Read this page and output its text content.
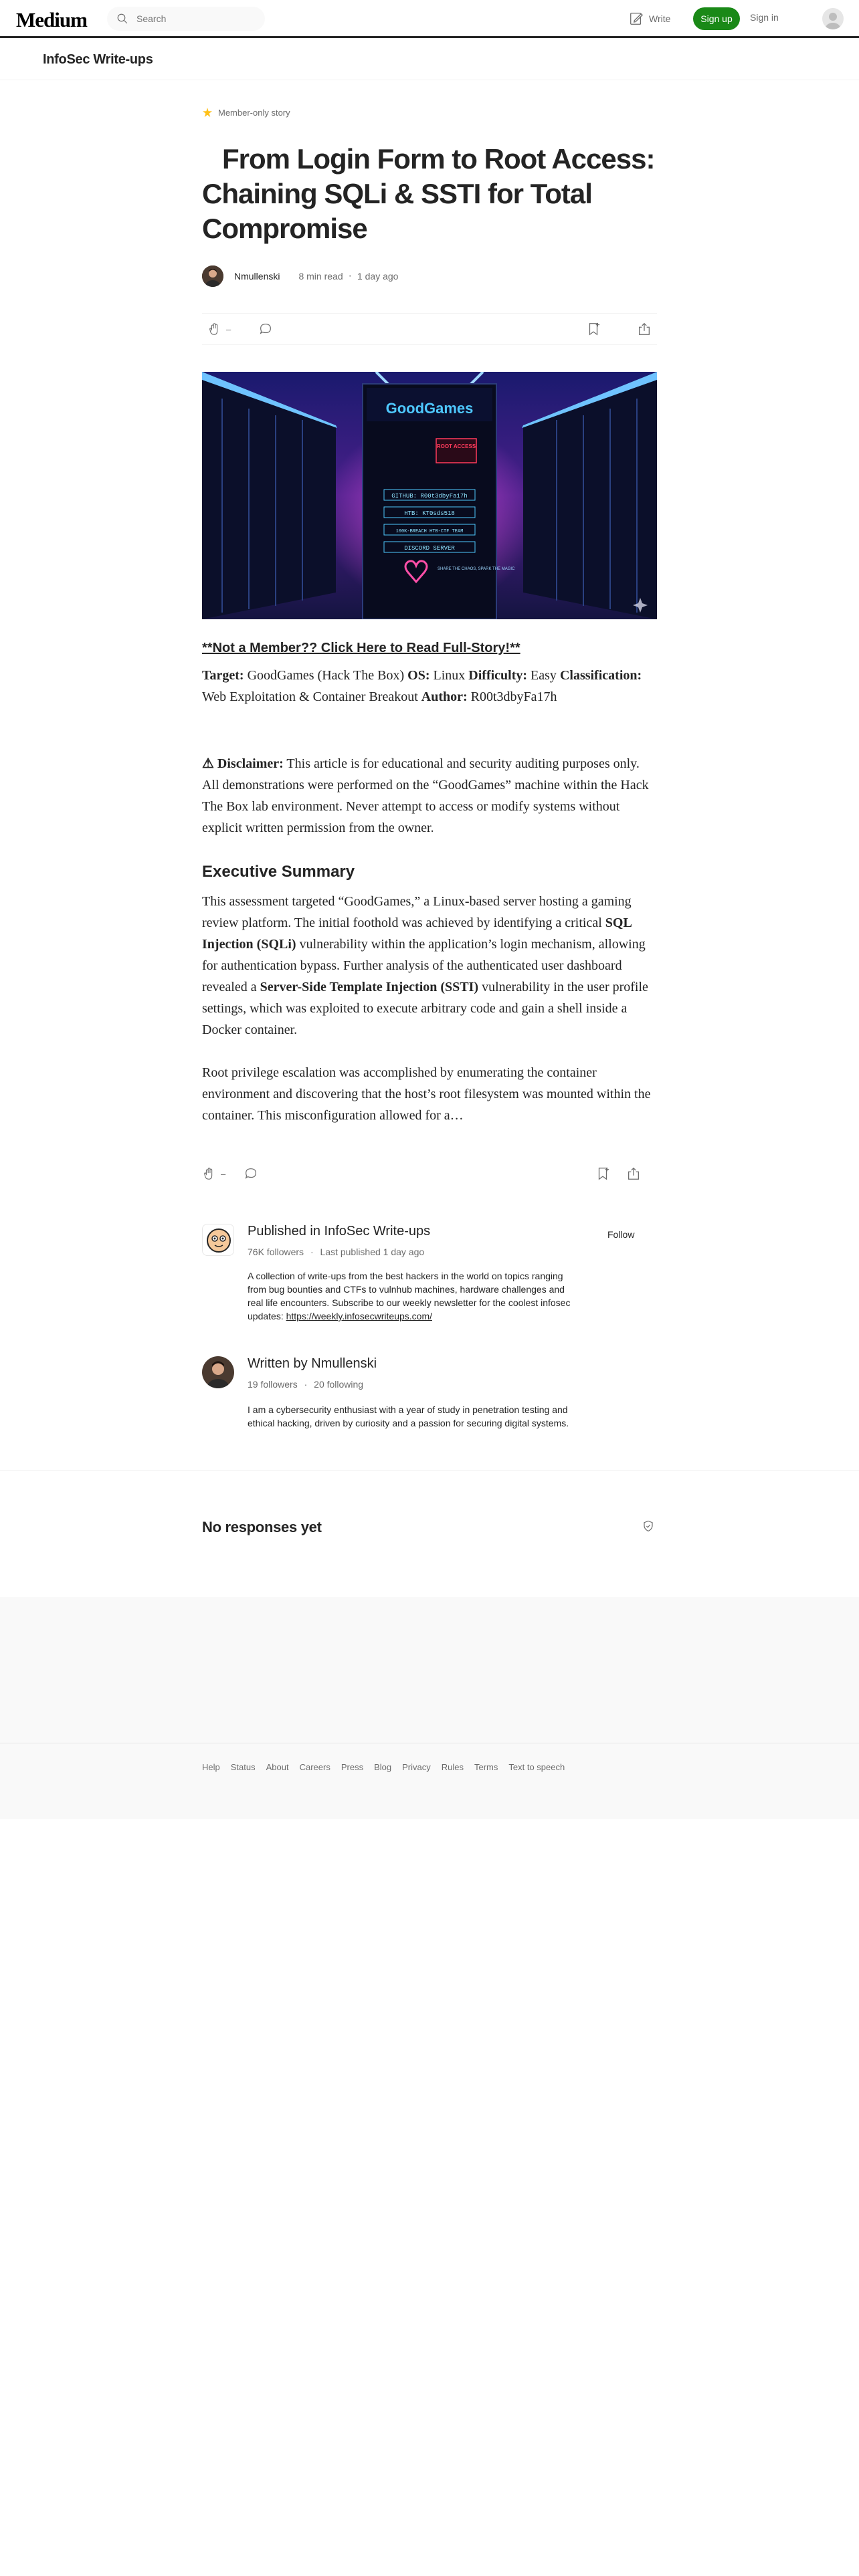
Medium
Search	Write	Sign up	Sign in
InfoSec Write-ups
Member-only story
From Login Form to Root Access: Chaining SQLi & SSTI for Total Compromise
Nmullenski 8 min read · 1 day ago
–
GoodGames
ROOT ACCESS
GITHUB: R00t3dbyFa17h
HTB: KT0sds518
100K-BREACH HTB-CTF TEAM
DISCORD SERVER
SHARE THE CHAOS, SPARK THE MAGIC
**Not a Member?? Click Here to Read Full-Story!**

Target: GoodGames (Hack The Box) OS: Linux Difficulty: Easy Classification: Web Exploitation & Container Breakout Author: R00t3dbyFa17h

⚠ Disclaimer: This article is for educational and security auditing purposes only. All demonstrations were performed on the “GoodGames” machine within the Hack The Box lab environment. Never attempt to access or modify systems without explicit written permission from the owner.

Executive Summary

This assessment targeted “GoodGames,” a Linux-based server hosting a gaming review platform. The initial foothold was achieved by identifying a critical SQL Injection (SQLi) vulnerability within the application’s login mechanism, allowing for authentication bypass. Further analysis of the authenticated user dashboard revealed a Server-Side Template Injection (SSTI) vulnerability in the user profile settings, which was exploited to execute arbitrary code and gain a shell inside a Docker container.

Root privilege escalation was accomplished by enumerating the container environment and discovering that the host’s root filesystem was mounted within the container. This misconfiguration allowed for a…

–
Published in InfoSec Write-ups
76K followers · Last published 1 day ago
A collection of write-ups from the best hackers in the world on topics ranging from bug bounties and CTFs to vulnhub machines, hardware challenges and real life encounters. Subscribe to our weekly newsletter for the coolest infosec updates: https://weekly.infosecwriteups.com/
Follow
Written by Nmullenski
19 followers · 20 following
I am a cybersecurity enthusiast with a year of study in penetration testing and ethical hacking, driven by curiosity and a passion for securing digital systems.
No responses yet
Help Status About Careers Press Blog Privacy Rules Terms Text to speech
